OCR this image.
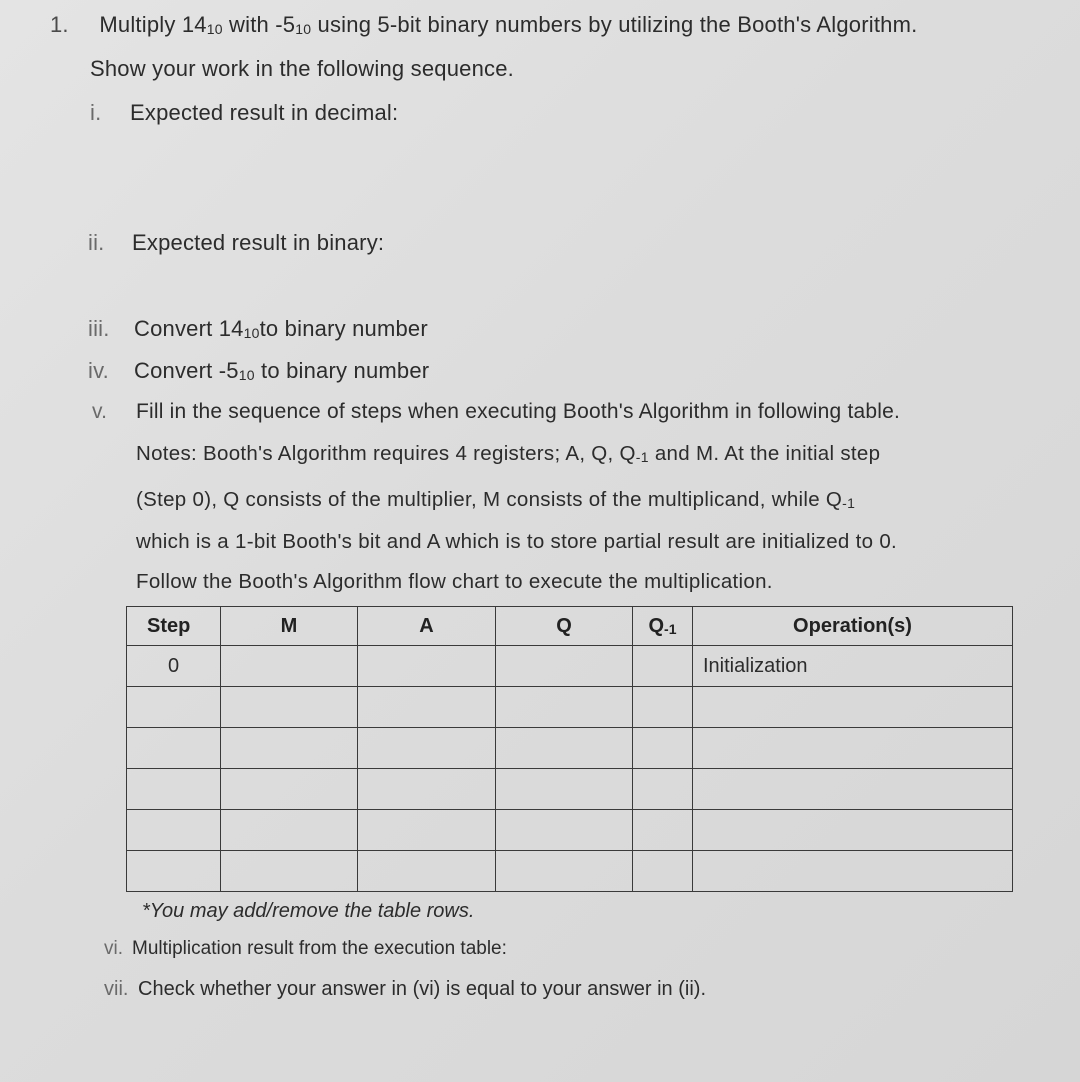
1. Multiply $14_{10}$ with $-5_{10}$ using 5-bit binary numbers by utilizing the Booth's Algorithm.
Show your work in the following sequence.
i. Expected result in decimal:
ii. Expected result in binary:
iii. Convert $14_{10}to$ binary number
iv. Convert $-5_{10}$ to binary number
v. Fill in the sequence of steps when executing Booth's Algorithm in following table.
Notes: Booth's Algorithm requires 4 registers; A, Q, $Q_{-1}$ and M. At the initial step
(Step 0), Q consists of the multiplier, M consists of the multiplicand, while $Q_{-1}$
which is a 1-bit Booth's bit and A which is to store partial result are initialized to 0.
Follow the Booth's Algorithm flow chart to execute the multiplication.
Step	M	A	Q	$Q_{-1}$	Operation(s)
0					Initialization

*You may add/remove the table rows.
vi. Multiplication result from the execution table:
vii. Check whether your answer in (vi) is equal to your answer in (ii).
